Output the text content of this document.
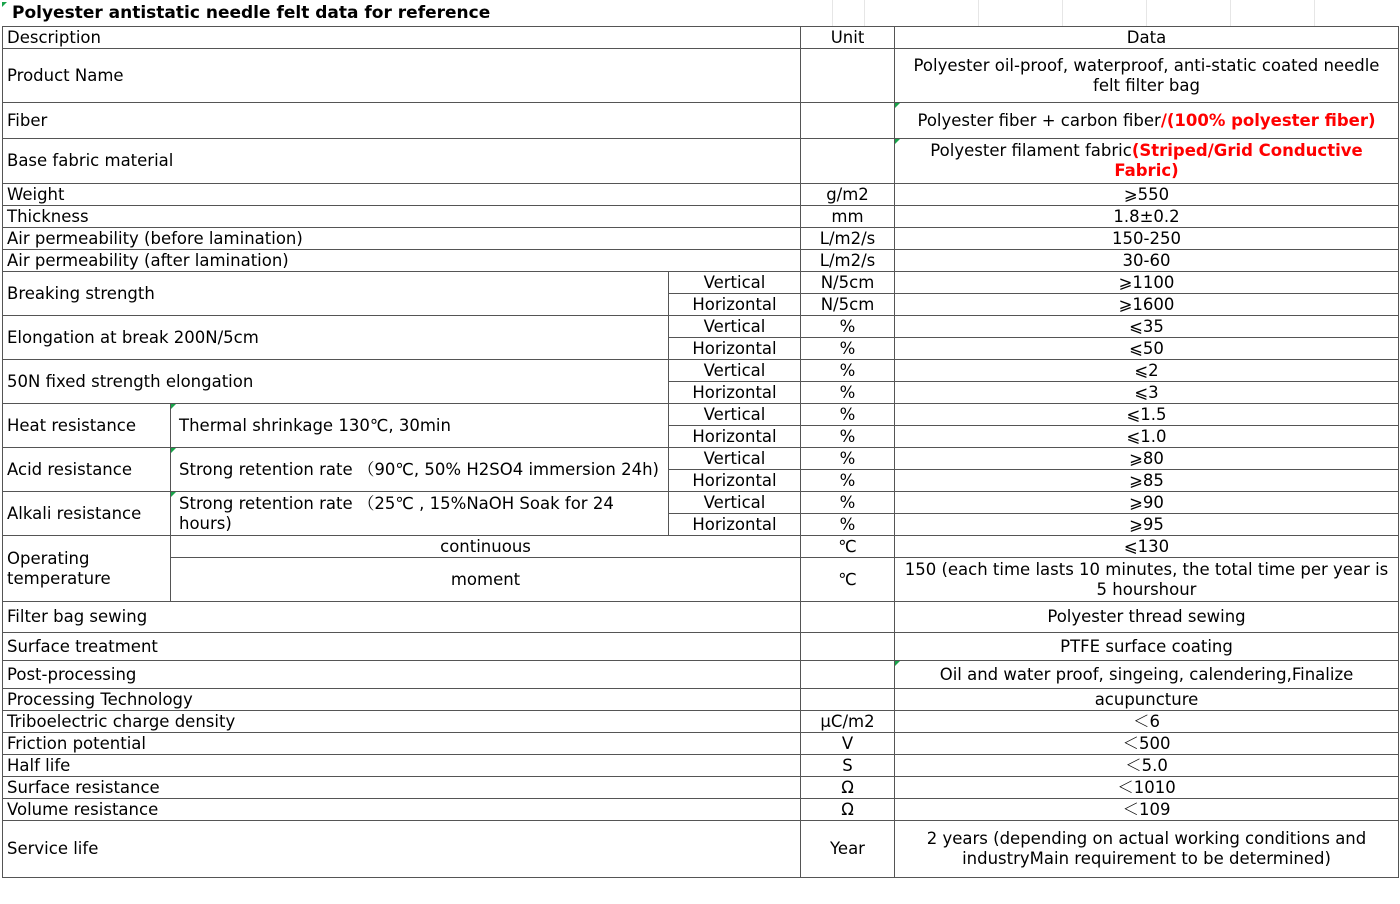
Polyester antistatic needle felt data for reference
Description			Unit	Data
Product Name				Polyester oil-proof, waterproof, anti-static coated needle felt filter bag
Fiber				Polyester fiber + carbon fiber/(100% polyester fiber)
Base fabric material				Polyester filament fabric(Striped/Grid Conductive Fabric)
Weight			g/m2	⩾550
Thickness			mm	1.8±0.2
Air permeability (before lamination)			L/m2/s	150-250
Air permeability (after lamination)			L/m2/s	30-60
Breaking strength		Vertical	N/5cm	⩾1100
		Horizontal	N/5cm	⩾1600
Elongation at break 200N/5cm		Vertical	%	⩽35
		Horizontal	%	⩽50
50N fixed strength elongation		Vertical	%	⩽2
		Horizontal	%	⩽3
Heat resistance	Thermal shrinkage 130℃, 30min	Vertical	%	⩽1.5
		Horizontal	%	⩽1.0
Acid resistance	Strong retention rate （90℃, 50% H2SO4 immersion 24h)	Vertical	%	⩾80
		Horizontal	%	⩾85
Alkali resistance	Strong retention rate （25℃ , 15%NaOH Soak for 24 hours)	Vertical	%	⩾90
		Horizontal	%	⩾95
Operating temperature	continuous		℃	⩽130
	moment		℃	150 (each time lasts 10 minutes, the total time per year is 5 hourshour
Filter bag sewing				Polyester thread sewing
Surface treatment				PTFE surface coating
Post-processing				Oil and water proof, singeing, calendering,Finalize
Processing Technology				acupuncture
Triboelectric charge density			μC/m2	＜6
Friction potential			V	＜500
Half life			S	＜5.0
Surface resistance			Ω	＜1010
Volume resistance			Ω	＜109
Service life			Year	2 years (depending on actual working conditions and industryMain requirement to be determined)
